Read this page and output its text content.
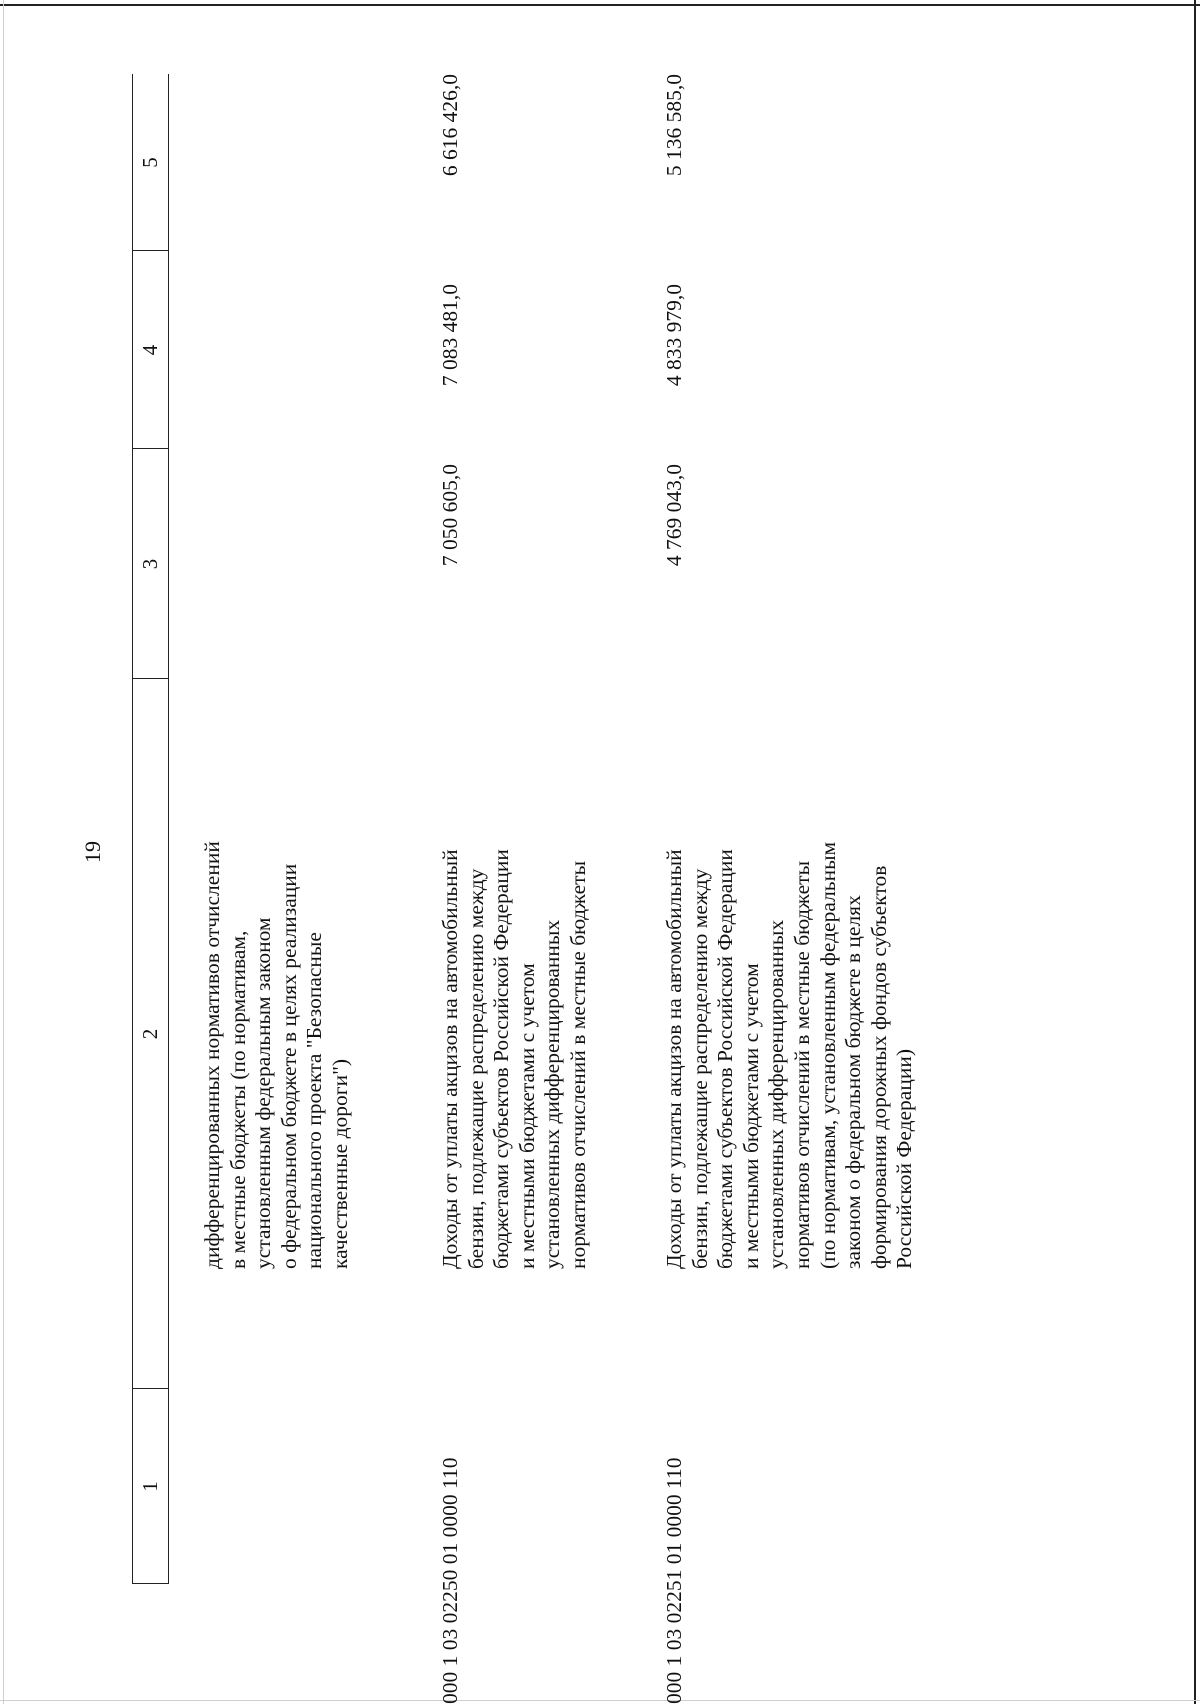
19
1
2
3
4
5
дифференцированных нормативов отчислений
в местные бюджеты (по нормативам,
установленным федеральным законом
о федеральном бюджете в целях реализации
национального проекта "Безопасные
качественные дороги")
000 1 03 02250 01 0000 110
Доходы от уплаты акцизов на автомобильный
бензин, подлежащие распределению между
бюджетами субъектов Российской Федерации
и местными бюджетами с учетом
установленных дифференцированных
нормативов отчислений в местные бюджеты
7 050 605,0
7 083 481,0
6 616 426,0
000 1 03 02251 01 0000 110
Доходы от уплаты акцизов на автомобильный
бензин, подлежащие распределению между
бюджетами субъектов Российской Федерации
и местными бюджетами с учетом
установленных дифференцированных
нормативов отчислений в местные бюджеты
(по нормативам, установленным федеральным
законом о федеральном бюджете в целях
формирования дорожных фондов субъектов
Российской Федерации)
4 769 043,0
4 833 979,0
5 136 585,0
